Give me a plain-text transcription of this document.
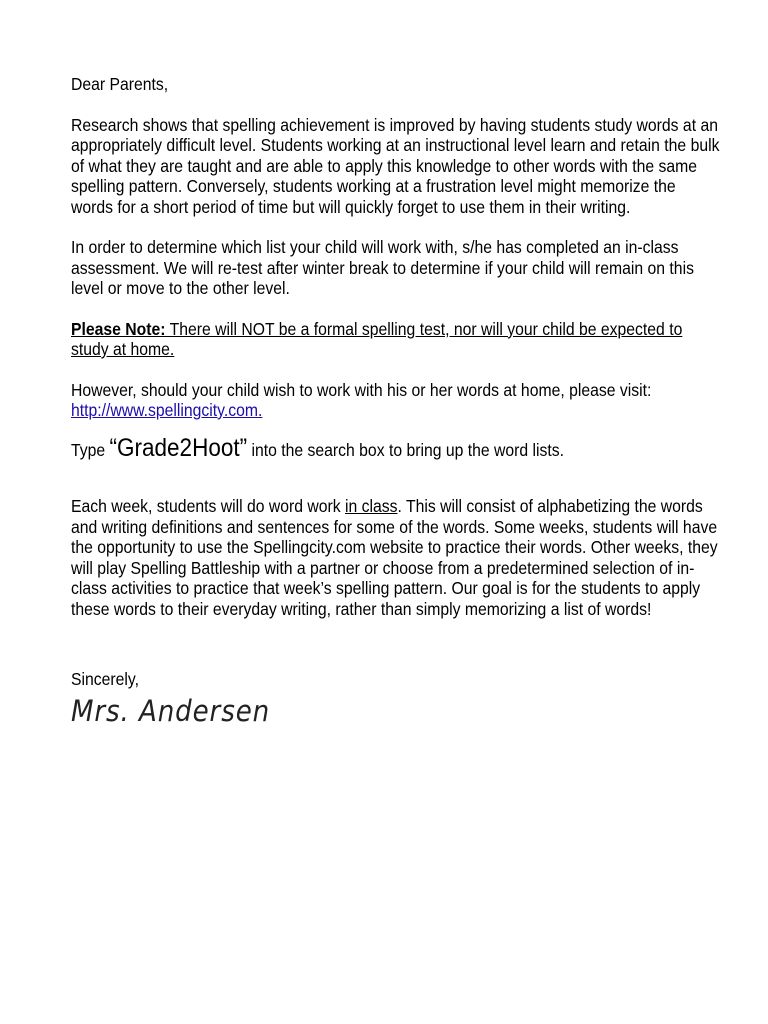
Dear Parents,

Research shows that spelling achievement is improved by having students study words at an appropriately difficult level. Students working at an instructional level learn and retain the bulk of what they are taught and are able to apply this knowledge to other words with the same spelling pattern. Conversely, students working at a frustration level might memorize the words for a short period of time but will quickly forget to use them in their writing.

In order to determine which list your child will work with, s/he has completed an in-class assessment. We will re-test after winter break to determine if your child will remain on this level or move to the other level.

Please Note: There will NOT be a formal spelling test, nor will your child be expected to study at home.

However, should your child wish to work with his or her words at home, please visit: http://www.spellingcity.com.

Type “Grade2Hoot” into the search box to bring up the word lists.

Each week, students will do word work in class. This will consist of alphabetizing the words and writing definitions and sentences for some of the words. Some weeks, students will have the opportunity to use the Spellingcity.com website to practice their words. Other weeks, they will play Spelling Battleship with a partner or choose from a predetermined selection of in-class activities to practice that week’s spelling pattern. Our goal is for the students to apply these words to their everyday writing, rather than simply memorizing a list of words!

Sincerely,

Mrs. Andersen
